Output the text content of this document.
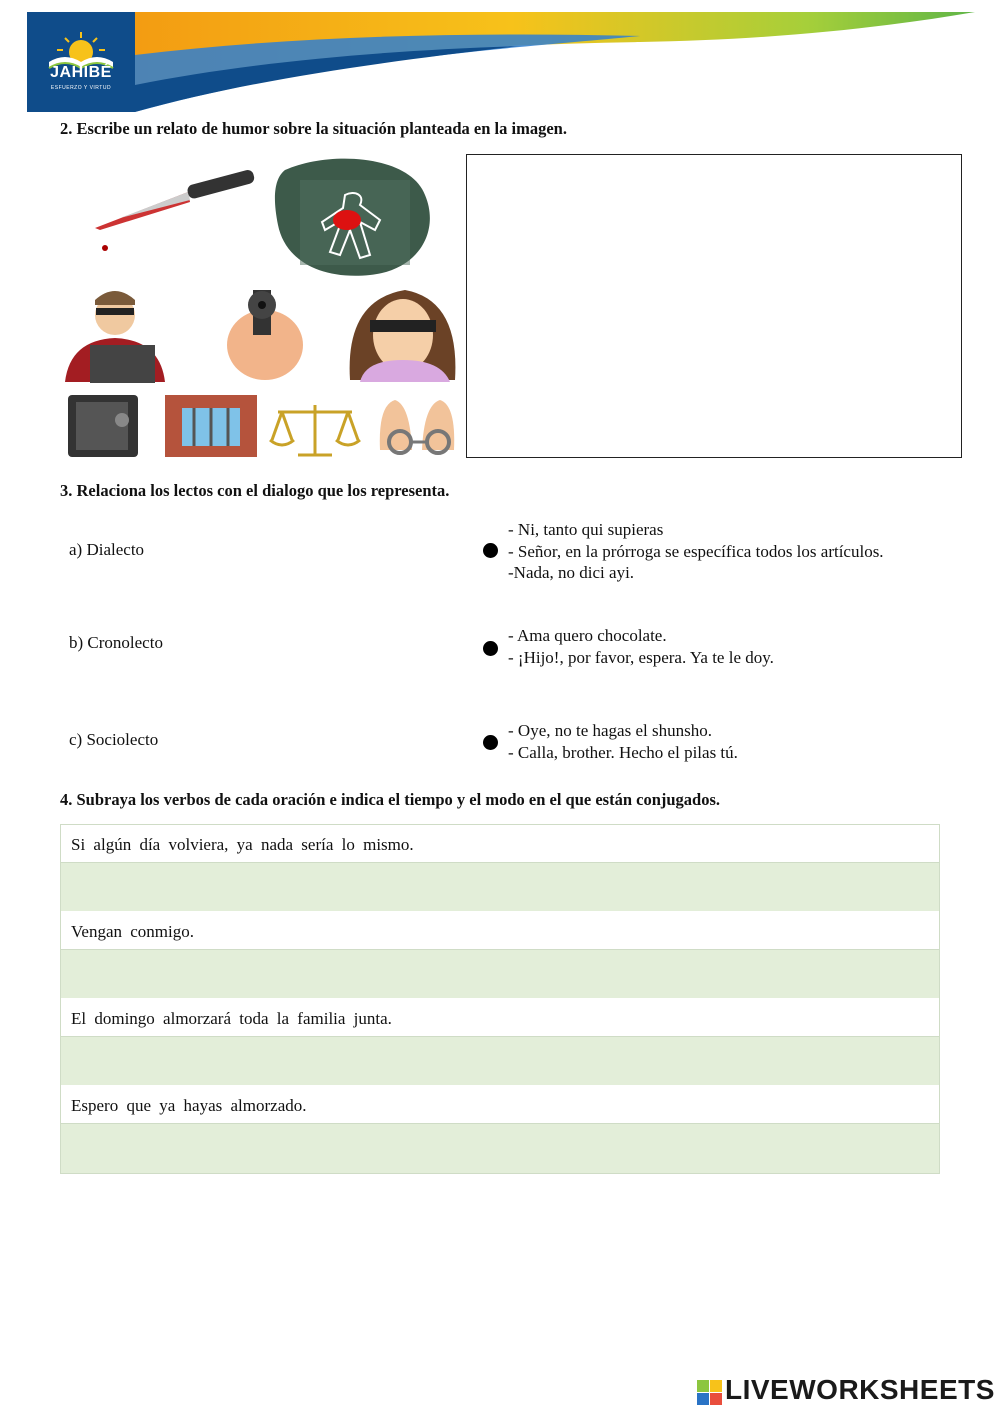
JAHIBÉ
ESFUERZO Y VIRTUD
2. Escribe un relato de humor sobre la situación planteada en la imagen.
3. Relaciona los lectos con el dialogo que los representa.
a) Dialecto
- Ni, tanto qui supieras
- Señor, en la prórroga se específica todos los artículos.
-Nada, no dici ayi.
b) Cronolecto	- Ama quero chocolate.
- ¡Hijo!, por favor, espera. Ya te le doy.
c) Sociolecto	- Oye, no te hagas el shunsho.
- Calla, brother. Hecho el pilas tú.
4. Subraya los verbos de cada oración e indica el tiempo y el modo en el que están conjugados.
Si algún día volviera, ya nada sería lo mismo.
Vengan conmigo.
El domingo almorzará toda la familia junta.
Espero que ya hayas almorzado.
LIVEWORKSHEETS
